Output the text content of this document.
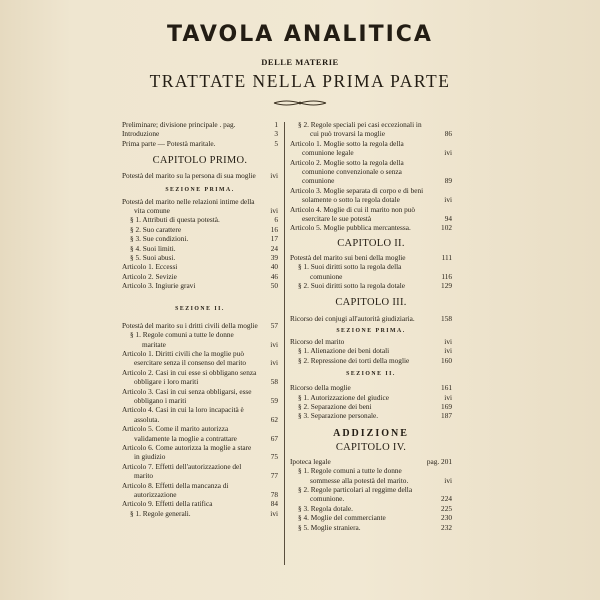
TAVOLA ANALITICA
DELLE MATERIE
TRATTATE NELLA PRIMA PARTE
Preliminare; divisione principale . pag.	1
Introduzione	3
Prima parte — Potestà maritale.	5
CAPITOLO PRIMO.
Potestà del marito su la persona di sua moglie	ivi
SEZIONE PRIMA.
Potestà del marito nelle relazioni intime della vita comune	ivi
§ 1. Attributi di questa potestà.	6
§ 2. Suo carattere	16
§ 3. Sue condizioni.	17
§ 4. Suoi limiti.	24
§ 5. Suoi abusi.	39
Articolo 1. Eccessi	40
Articolo 2. Sevizie	46
Articolo 3. Ingiurie gravi	50
SEZIONE II.
Potestà del marito su i dritti civili della moglie 57
§ 1. Regole comuni a tutte le donne maritate	ivi
Articolo 1. Diritti civili che la moglie può esercitare senza il consenso del marito	ivi
Articolo 2. Casi in cui esse si obbligano senza obbligare i loro mariti	58
Articolo 3. Casi in cui senza obbligarsi, esse obbligano i mariti	59
Articolo 4. Casi in cui la loro incapacità è assoluta.	62
Articolo 5. Come il marito autorizza validamente la moglie a contrattare	67
Articolo 6. Come autorizza la moglie a stare in giudizio	75
Articolo 7. Effetti dell'autorizzazione del marito	77
Articolo 8. Effetti della mancanza di autorizzazione	78
Articolo 9. Effetti della ratifica	84
§ 1. Regole generali.	ivi
§ 2. Regole speciali pei casi eccezionali in cui può trovarsi la moglie	86
Articolo 1. Moglie sotto la regola della comunione legale	ivi
Articolo 2. Moglie sotto la regola della comunione convenzionale o senza comunione	89
Articolo 3. Moglie separata di corpo e di beni solamente o sotto la regola dotale	ivi
Articolo 4. Moglie di cui il marito non può esercitare le sue potestà	94
Articolo 5. Moglie pubblica mercantessa.	102
CAPITOLO II.
Potestà del marito sui beni della moglie	111
§ 1. Suoi diritti sotto la regola della comunione	116
§ 2. Suoi diritti sotto la regola dotale	129
CAPITOLO III.
Ricorso dei conjugi all'autorità giudiziaria.	158
SEZIONE PRIMA.
Ricorso del marito	ivi
§ 1. Alienazione dei beni dotali	ivi
§ 2. Repressione dei torti della moglie	160
SEZIONE II.
Ricorso della moglie	161
§ 1. Autorizzazione del giudice	ivi
§ 2. Separazione dei beni	169
§ 3. Separazione personale.	187
ADDIZIONE
CAPITOLO IV.
Ipoteca legale	pag. 201
§ 1. Regole comuni a tutte le donne sommesse alla potestà del marito.	ivi
§ 2. Regole particolari al reggime della comunione.	224
§ 3. Regola dotale.	225
§ 4. Moglie del commerciante	230
§ 5. Moglie straniera.	232
